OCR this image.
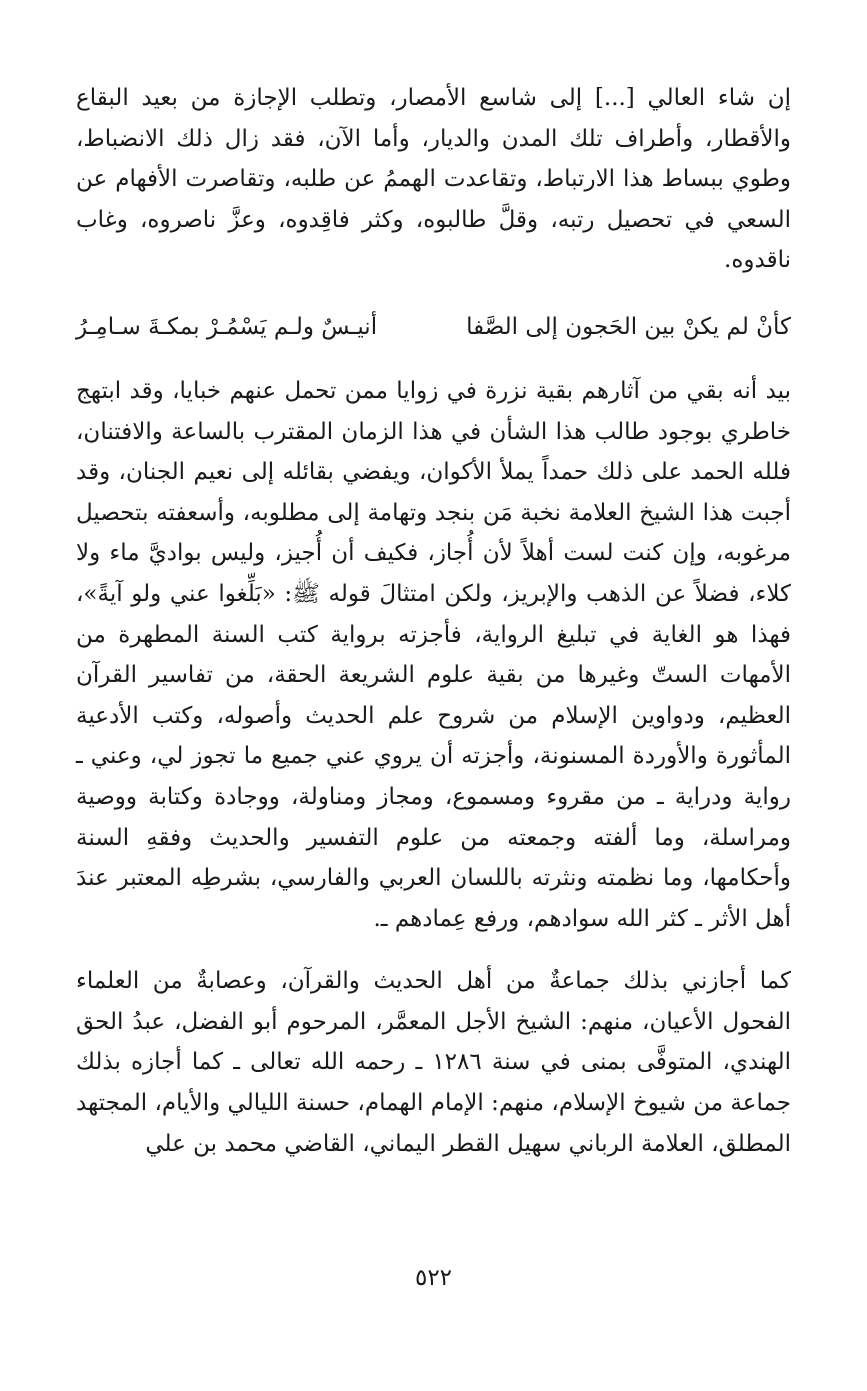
إن شاء العالي [...] إلى شاسع الأمصار، وتطلب الإجازة من بعيد البقاع والأقطار، وأطراف تلك المدن والديار، وأما الآن، فقد زال ذلك الانضباط، وطوي ببساط هذا الارتباط، وتقاعدت الهممُ عن طلبه، وتقاصرت الأفهام عن السعي في تحصيل رتبه، وقلَّ طالبوه، وكثر فاقِدوه، وعزَّ ناصروه، وغاب ناقدوه.

كأنْ لم يكنْ بين الحَجون إلى الصَّفا
أنيـسٌ ولـم يَسْمُـرْ بمكـةَ سـامِـرُ

بيد أنه بقي من آثارهم بقية نزرة في زوايا ممن تحمل عنهم خبايا، وقد ابتهج خاطري بوجود طالب هذا الشأن في هذا الزمان المقترب بالساعة والافتنان، فلله الحمد على ذلك حمداً يملأ الأكوان، ويفضي بقائله إلى نعيم الجنان، وقد أجبت هذا الشيخ العلامة نخبة مَن بنجد وتهامة إلى مطلوبه، وأسعفته بتحصيل مرغوبه، وإن كنت لست أهلاً لأن أُجاز، فكيف أن أُجيز، وليس بواديَّ ماء ولا كلاء، فضلاً عن الذهب والإبريز، ولكن امتثالَ قوله ﷺ: «بَلِّغوا عني ولو آيةً»، فهذا هو الغاية في تبليغ الرواية، فأجزته برواية كتب السنة المطهرة من الأمهات الستّ وغيرها من بقية علوم الشريعة الحقة، من تفاسير القرآن العظيم، ودواوين الإسلام من شروح علم الحديث وأصوله، وكتب الأدعية المأثورة والأوردة المسنونة، وأجزته أن يروي عني جميع ما تجوز لي، وعني ـ رواية ودراية ـ من مقروء ومسموع، ومجاز ومناولة، ووجادة وكتابة ووصية ومراسلة، وما ألفته وجمعته من علوم التفسير والحديث وفقهِ السنة وأحكامها، وما نظمته ونثرته باللسان العربي والفارسي، بشرطِه المعتبر عندَ أهل الأثر ـ كثر الله سوادهم، ورفع عِمادهم ـ.

كما أجازني بذلك جماعةٌ من أهل الحديث والقرآن، وعصابةٌ من العلماء الفحول الأعيان، منهم: الشيخ الأجل المعمَّر، المرحوم أبو الفضل، عبدُ الحق الهندي، المتوفَّى بمنى في سنة ١٢٨٦ ـ رحمه الله تعالى ـ كما أجازه بذلك جماعة من شيوخ الإسلام، منهم: الإمام الهمام، حسنة الليالي والأيام، المجتهد المطلق، العلامة الرباني سهيل القطر اليماني، القاضي محمد بن علي

٥٢٢
